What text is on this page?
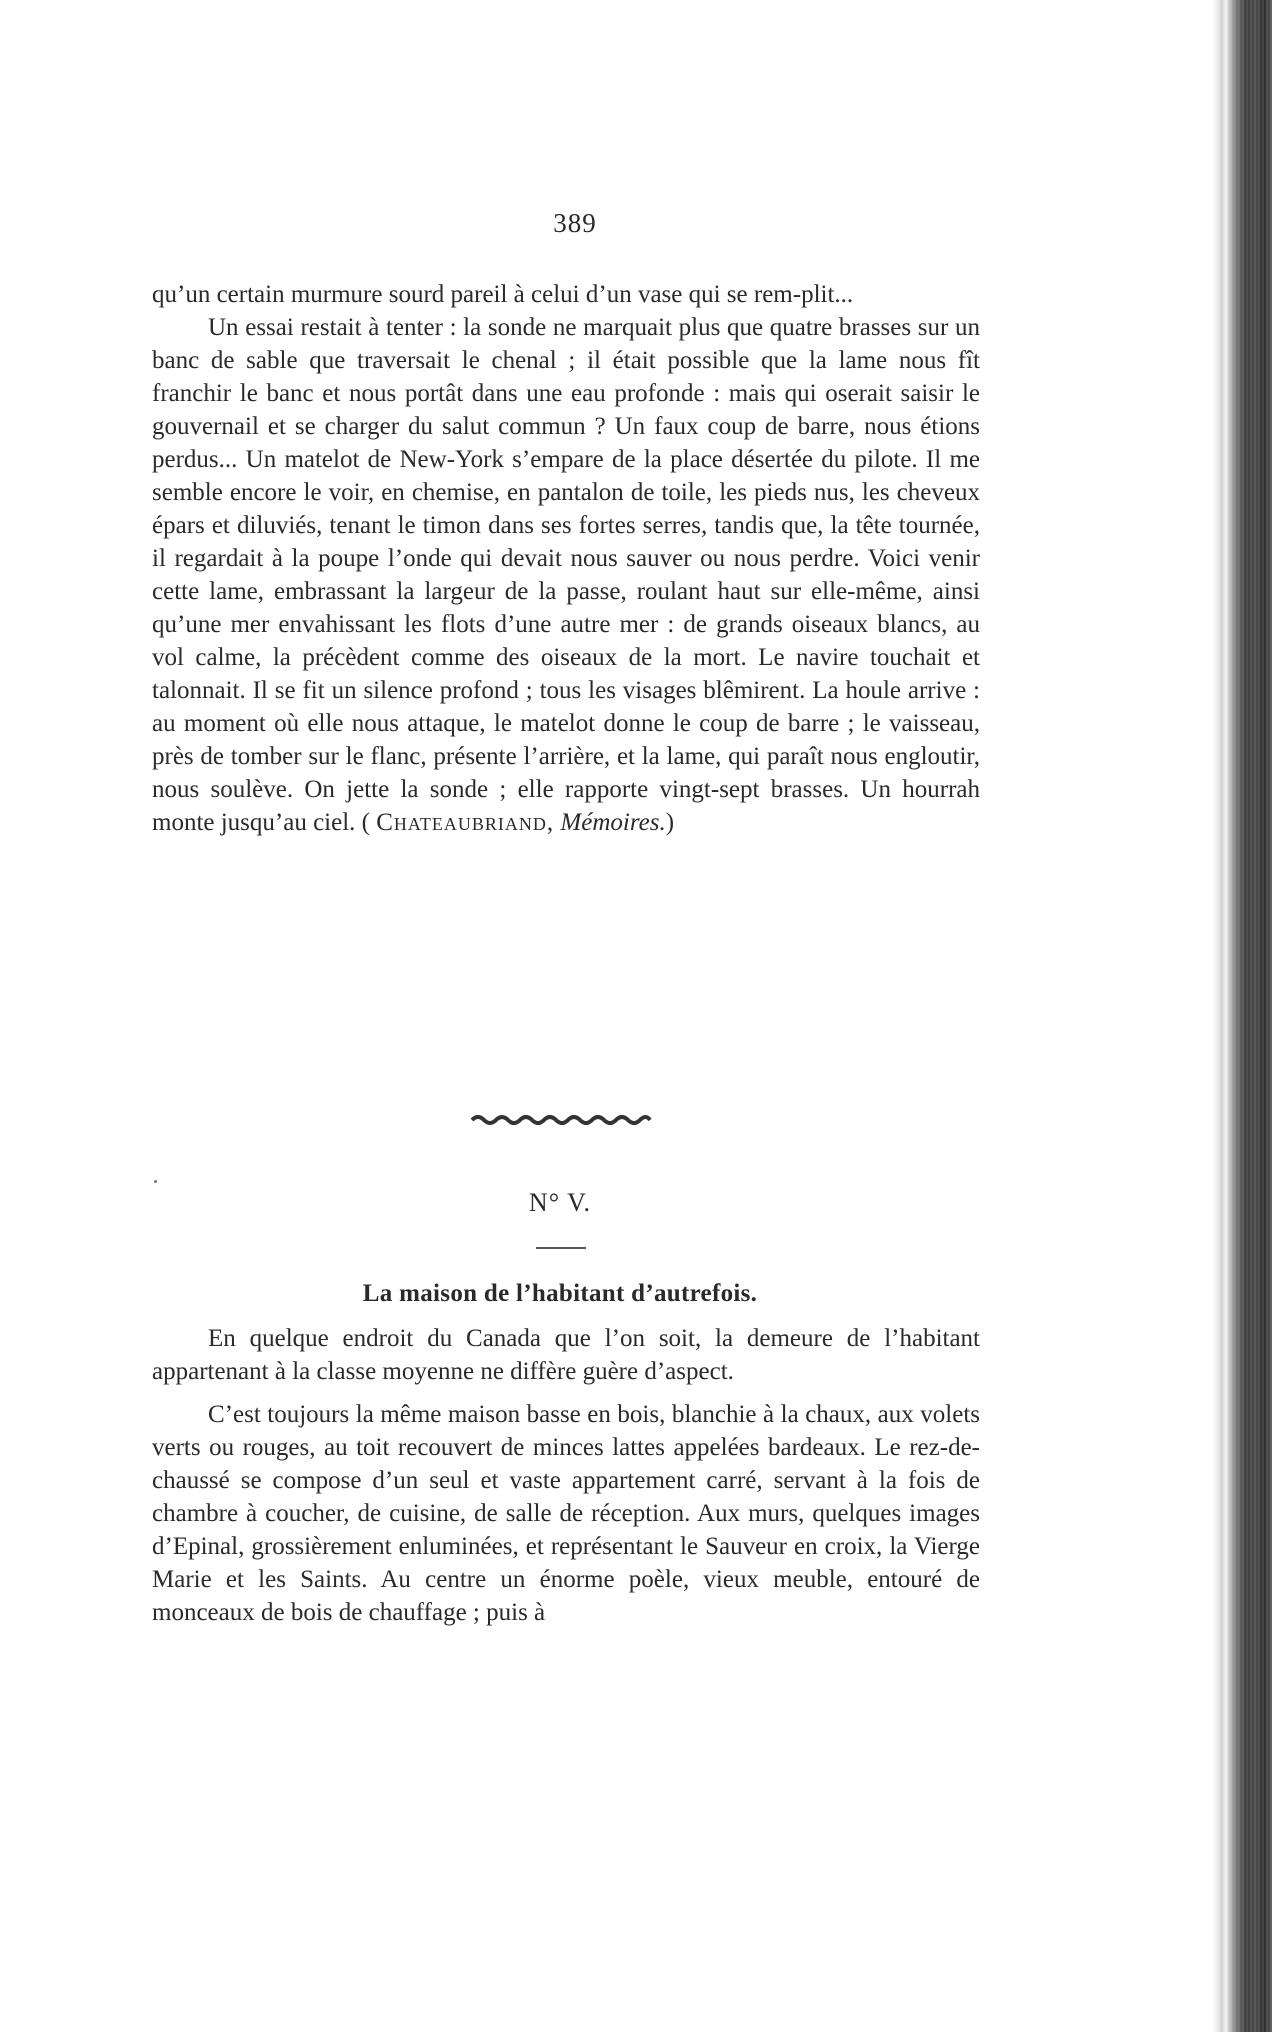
389

qu’un certain murmure sourd pareil à celui d’un vase qui se rem-plit...

Un essai restait à tenter : la sonde ne marquait plus que quatre brasses sur un banc de sable que traversait le chenal ; il était possible que la lame nous fît franchir le banc et nous portât dans une eau profonde : mais qui oserait saisir le gouvernail et se charger du salut commun ? Un faux coup de barre, nous étions perdus... Un matelot de New-York s’empare de la place désertée du pilote. Il me semble encore le voir, en chemise, en pantalon de toile, les pieds nus, les cheveux épars et diluviés, tenant le timon dans ses fortes serres, tandis que, la tête tournée, il regardait à la poupe l’onde qui devait nous sauver ou nous perdre. Voici venir cette lame, embrassant la largeur de la passe, roulant haut sur elle-même, ainsi qu’une mer envahissant les flots d’une autre mer : de grands oiseaux blancs, au vol calme, la précèdent comme des oiseaux de la mort. Le navire touchait et talonnait. Il se fit un silence profond ; tous les visages blêmirent. La houle arrive : au moment où elle nous attaque, le matelot donne le coup de barre ; le vaisseau, près de tomber sur le flanc, présente l’arrière, et la lame, qui paraît nous engloutir, nous soulève. On jette la sonde ; elle rapporte vingt-sept brasses. Un hourrah monte jusqu’au ciel. ( Chateaubriand, Mémoires.)

N° V.
La maison de l’habitant d’autrefois.

En quelque endroit du Canada que l’on soit, la demeure de l’habitant appartenant à la classe moyenne ne diffère guère d’aspect.

C’est toujours la même maison basse en bois, blanchie à la chaux, aux volets verts ou rouges, au toit recouvert de minces lattes appelées bardeaux. Le rez-de-chaussé se compose d’un seul et vaste appartement carré, servant à la fois de chambre à coucher, de cuisine, de salle de réception. Aux murs, quelques images d’Epinal, grossièrement enluminées, et représentant le Sauveur en croix, la Vierge Marie et les Saints. Au centre un énorme poèle, vieux meuble, entouré de monceaux de bois de chauffage ; puis à
